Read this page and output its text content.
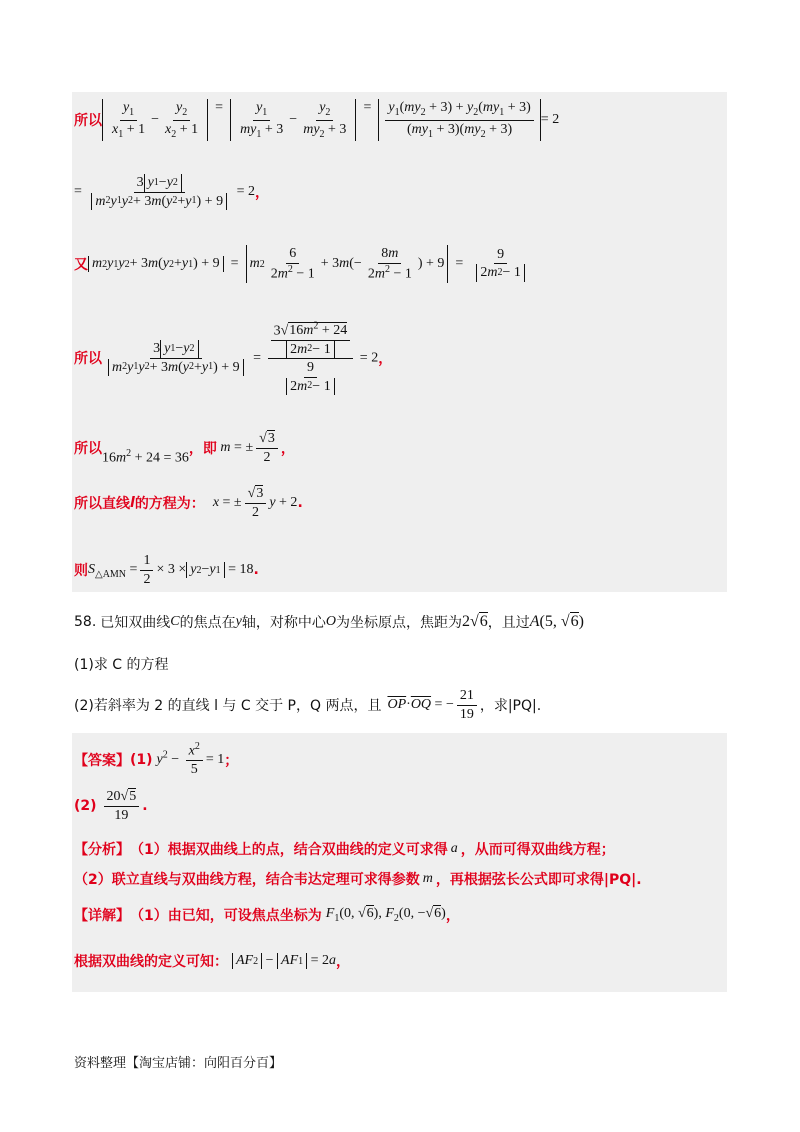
所以 $\frac{y_1}{x_1 + 1} - \frac{y_2}{x_2 + 1} = \frac{y_1}{my_1 + 3} - \frac{y_2}{my_2 + 3} = \frac{y_1(my_2 + 3) + y_2(my_1 + 3)}{(my_1 + 3)(my_2 + 3)} = 2$
= $\frac{3 y 1 - y 2}{m 2 y 1 y 2 + 3 m ( y 2 + y 1 ) + 9} = 2$ ，
又 m 2 y 1 y 2 + 3 m ( y 2 + y 1 ) + 9 =  m $2 \frac{6}{2m^2 - 1} + 3$ m (− $\frac{8m}{2m^2 - 1}$ ) + $9 = \frac{9}{2 m 2 - 1}$
所以 $\frac{3 y 1 - y 2}{m 2 y 1 y 2 + 3 m ( y 2 + y 1 ) + 9} = \frac{\frac{3√16m^2 + 24}{2 m 2 - 1}}{\frac{9}{2 m 2 - 1}} = 2$ ，
所以
$16m^2 + 24 = 36$
，即 m = ± $\frac{√3}{2}$ ，
所以直线 l 的方程为： x = ± $\frac{√3}{2}$ y + 2 .
则 $S_{\triangle AMN} = \frac{1}{2} \times 3 \times y$ 2 − y 1 = 18 .
58. 已知双曲线 C 的焦点在 y 轴，对称中心 O 为坐标原点，焦距为 2√6 ，且过 A(5, √6)
(1)求 C 的方程
(2)若斜率为 2 的直线 l 与 C 交于 P，Q 两点，且 $\overline{OP}\cdot\overline{OQ}$ = − $\frac{21}{19}$ ，求|PQ|.
【答案】 (1) $y^2 - \frac{x^2}{5} = 1$ ；
$(2) \frac{20√5}{19}$ .
【分析】 （1）根据双曲线上的点，结合双曲线的定义可求得 a ，从而可得双曲线方程；
（2）联立直线与双曲线方程，结合韦达定理可求得参数 m ，再根据弦长公式即可求得|PQ|.
【详解】 （1）由已知，可设焦点坐标为 $F_1(0$, √6), $F_2(0$, −√6) ，
根据双曲线的定义可知： AF 2 − AF 1 = 2a ，
资料整理【淘宝店铺：向阳百分百】
